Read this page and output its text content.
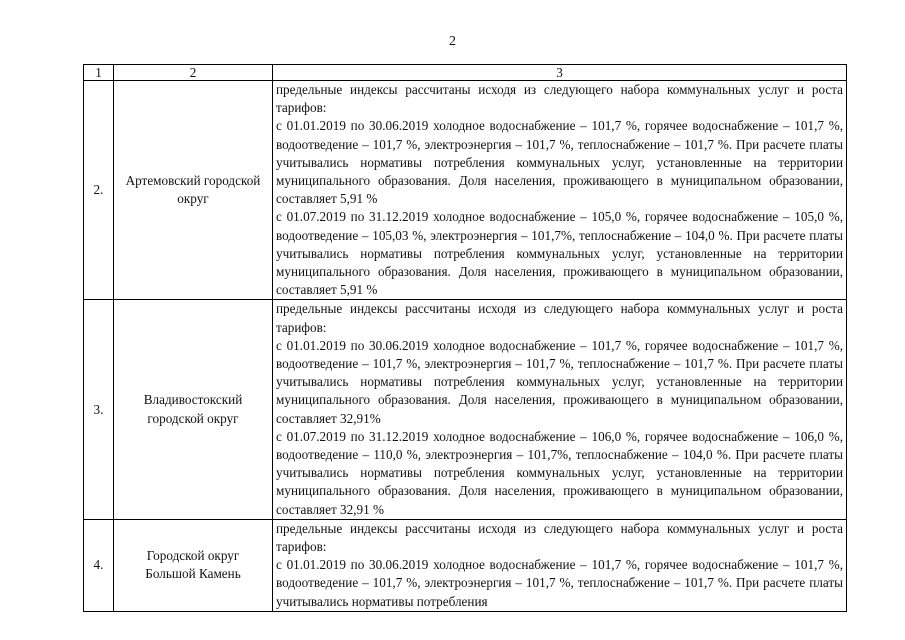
2
1	2	3
2.	Артемовский городской округ	предельные индексы рассчитаны исходя из следующего набора коммунальных услуг и роста тарифов:

с 01.01.2019 по 30.06.2019 холодное водоснабжение – 101,7 %, горячее водоснабжение – 101,7 %, водоотведение – 101,7 %, электроэнергия – 101,7 %, теплоснабжение – 101,7 %. При расчете платы учитывались нормативы потребления коммунальных услуг, установленные на территории муниципального образования. Доля населения, проживающего в муниципальном образовании, составляет 5,91 %

с 01.07.2019 по 31.12.2019 холодное водоснабжение – 105,0 %, горячее водоснабжение – 105,0 %, водоотведение – 105,03 %, электроэнергия – 101,7%, теплоснабжение – 104,0 %. При расчете платы учитывались нормативы потребления коммунальных услуг, установленные на территории муниципального образования. Доля населения, проживающего в муниципальном образовании, составляет 5,91 %

3.	Владивостокский городской округ	предельные индексы рассчитаны исходя из следующего набора коммунальных услуг и роста тарифов:

с 01.01.2019 по 30.06.2019 холодное водоснабжение – 101,7 %, горячее водоснабжение – 101,7 %, водоотведение – 101,7 %, электроэнергия – 101,7 %, теплоснабжение – 101,7 %. При расчете платы учитывались нормативы потребления коммунальных услуг, установленные на территории муниципального образования. Доля населения, проживающего в муниципальном образовании, составляет 32,91%

с 01.07.2019 по 31.12.2019 холодное водоснабжение – 106,0 %, горячее водоснабжение – 106,0 %, водоотведение – 110,0 %, электроэнергия – 101,7%, теплоснабжение – 104,0 %. При расчете платы учитывались нормативы потребления коммунальных услуг, установленные на территории муниципального образования. Доля населения, проживающего в муниципальном образовании, составляет 32,91 %

4.	Городской округ Большой Камень	предельные индексы рассчитаны исходя из следующего набора коммунальных услуг и роста тарифов:

с 01.01.2019 по 30.06.2019 холодное водоснабжение – 101,7 %, горячее водоснабжение – 101,7 %, водоотведение – 101,7 %, электроэнергия – 101,7 %, теплоснабжение – 101,7 %. При расчете платы учитывались нормативы потребления
